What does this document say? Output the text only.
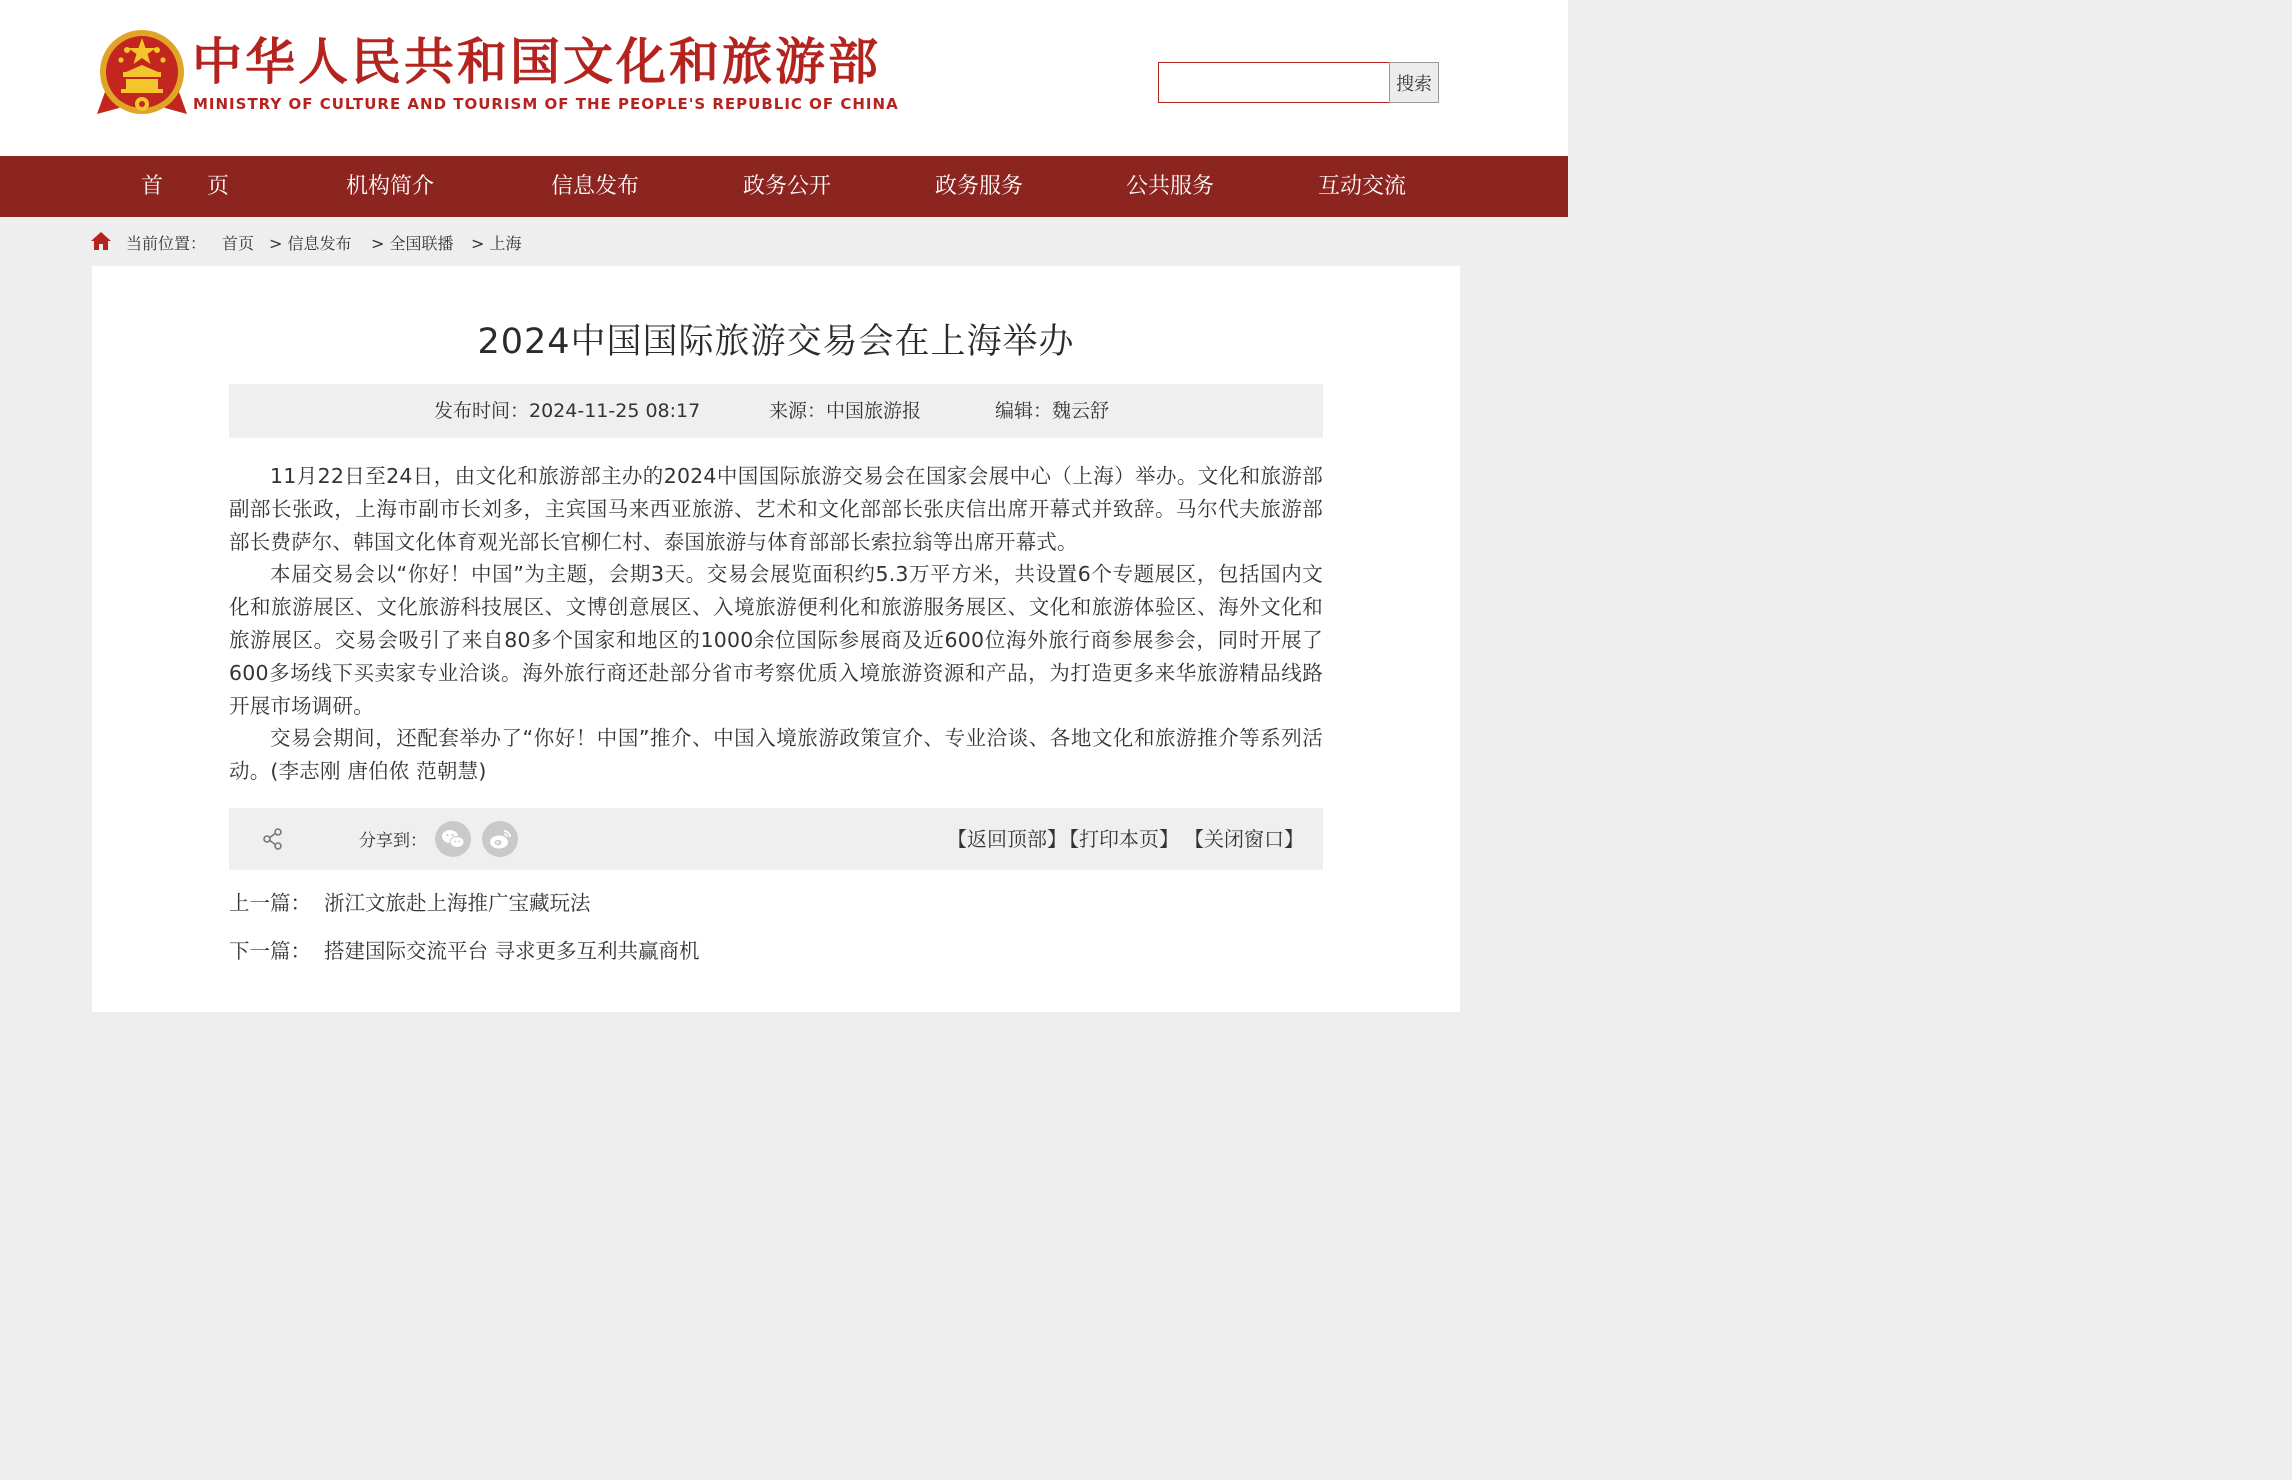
中华人民共和国文化和旅游部
MINISTRY OF CULTURE AND TOURISM OF THE PEOPLE'S REPUBLIC OF CHINA
搜索
首　　页	机构简介	信息发布	政务公开	政务服务	公共服务	互动交流
当前位置： 首页 > 信息发布 > 全国联播 > 上海
2024中国国际旅游交易会在上海举办
发布时间：2024-11-25 08:17	来源：中国旅游报	编辑：魏云舒

11月22日至24日，由文化和旅游部主办的2024中国国际旅游交易会在国家会展中心（上海）举办。文化和旅游部副部长张政，上海市副市长刘多，主宾国马来西亚旅游、艺术和文化部部长张庆信出席开幕式并致辞。马尔代夫旅游部部长费萨尔、韩国文化体育观光部长官柳仁村、泰国旅游与体育部部长索拉翁等出席开幕式。

本届交易会以“你好！中国”为主题，会期3天。交易会展览面积约5.3万平方米，共设置6个专题展区，包括国内文化和旅游展区、文化旅游科技展区、文博创意展区、入境旅游便利化和旅游服务展区、文化和旅游体验区、海外文化和旅游展区。交易会吸引了来自80多个国家和地区的1000余位国际参展商及近600位海外旅行商参展参会，同时开展了600多场线下买卖家专业洽谈。海外旅行商还赴部分省市考察优质入境旅游资源和产品，为打造更多来华旅游精品线路开展市场调研。

交易会期间，还配套举办了“你好！中国”推介、中国入境旅游政策宣介、专业洽谈、各地文化和旅游推介等系列活动。(李志刚 唐伯侬 范朝慧)

分享到：	【返回顶部】
【打印本页】 【关闭窗口】
上一篇： 浙江文旅赴上海推广宝藏玩法
下一篇： 搭建国际交流平台 寻求更多互利共赢商机
